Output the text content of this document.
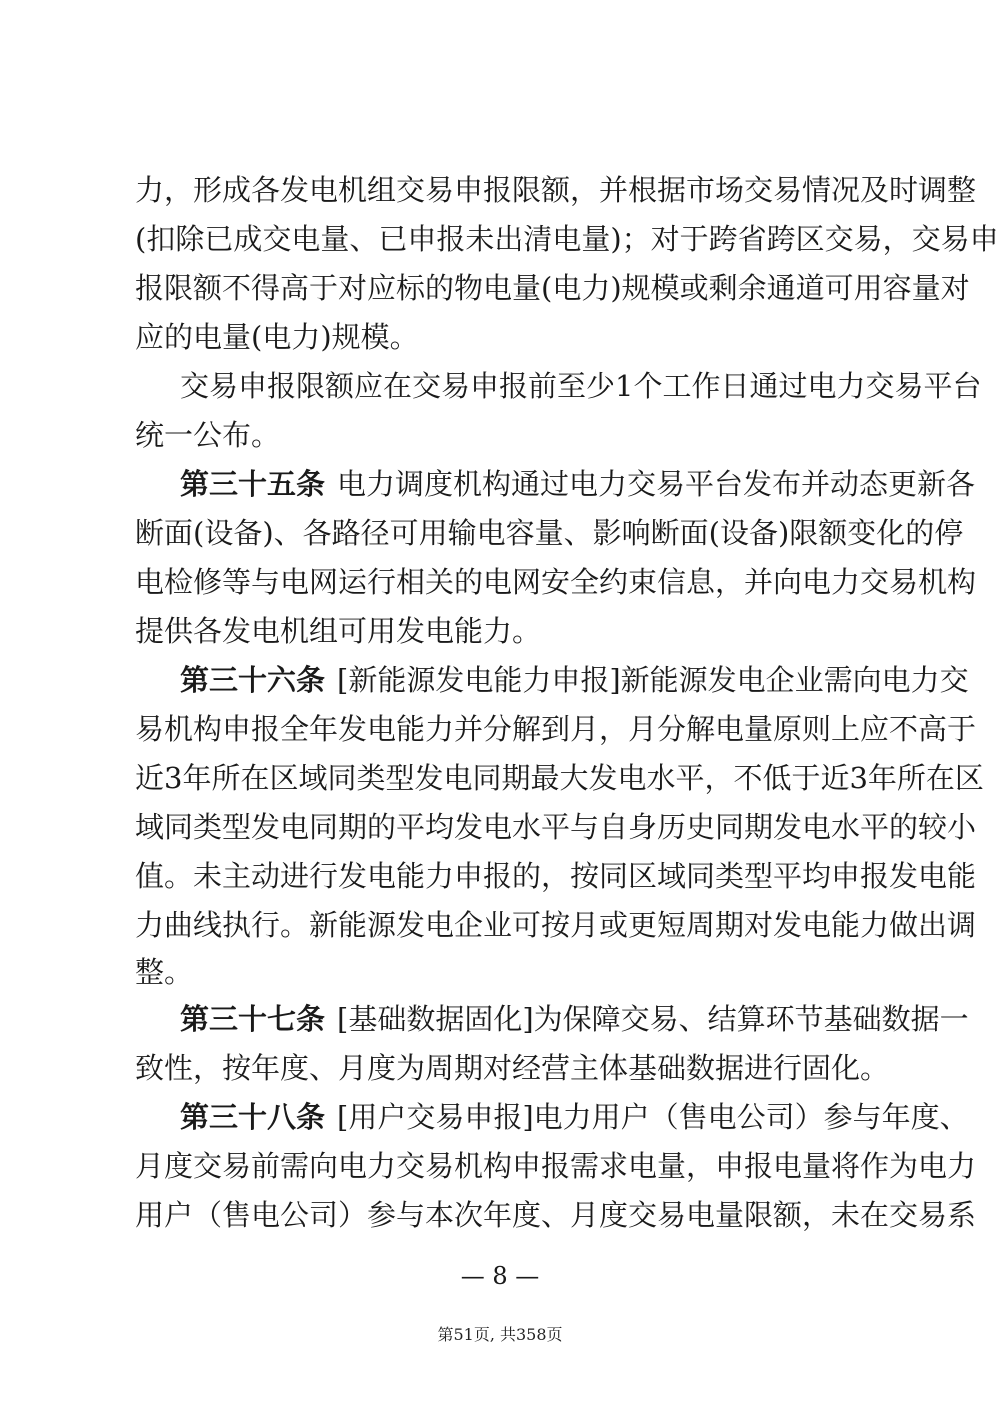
力，形成各发电机组交易申报限额，并根据市场交易情况及时调整
(扣除已成交电量、已申报未出清电量)；对于跨省跨区交易，交易申
报限额不得高于对应标的物电量(电力)规模或剩余通道可用容量对
应的电量(电力)规模。
交易申报限额应在交易申报前至少1个工作日通过电力交易平台
统一公布。
第三十五条 电力调度机构通过电力交易平台发布并动态更新各
断面(设备)、各路径可用输电容量、影响断面(设备)限额变化的停
电检修等与电网运行相关的电网安全约束信息，并向电力交易机构
提供各发电机组可用发电能力。
第三十六条 [新能源发电能力申报]新能源发电企业需向电力交
易机构申报全年发电能力并分解到月，月分解电量原则上应不高于
近3年所在区域同类型发电同期最大发电水平，不低于近3年所在区
域同类型发电同期的平均发电水平与自身历史同期发电水平的较小
值。未主动进行发电能力申报的，按同区域同类型平均申报发电能
力曲线执行。新能源发电企业可按月或更短周期对发电能力做出调
整。
第三十七条 [基础数据固化]为保障交易、结算环节基础数据一
致性，按年度、月度为周期对经营主体基础数据进行固化。
第三十八条 [用户交易申报]电力用户（售电公司）参与年度、
月度交易前需向电力交易机构申报需求电量，申报电量将作为电力
用户（售电公司）参与本次年度、月度交易电量限额，未在交易系
— 8 —
第51页, 共358页
